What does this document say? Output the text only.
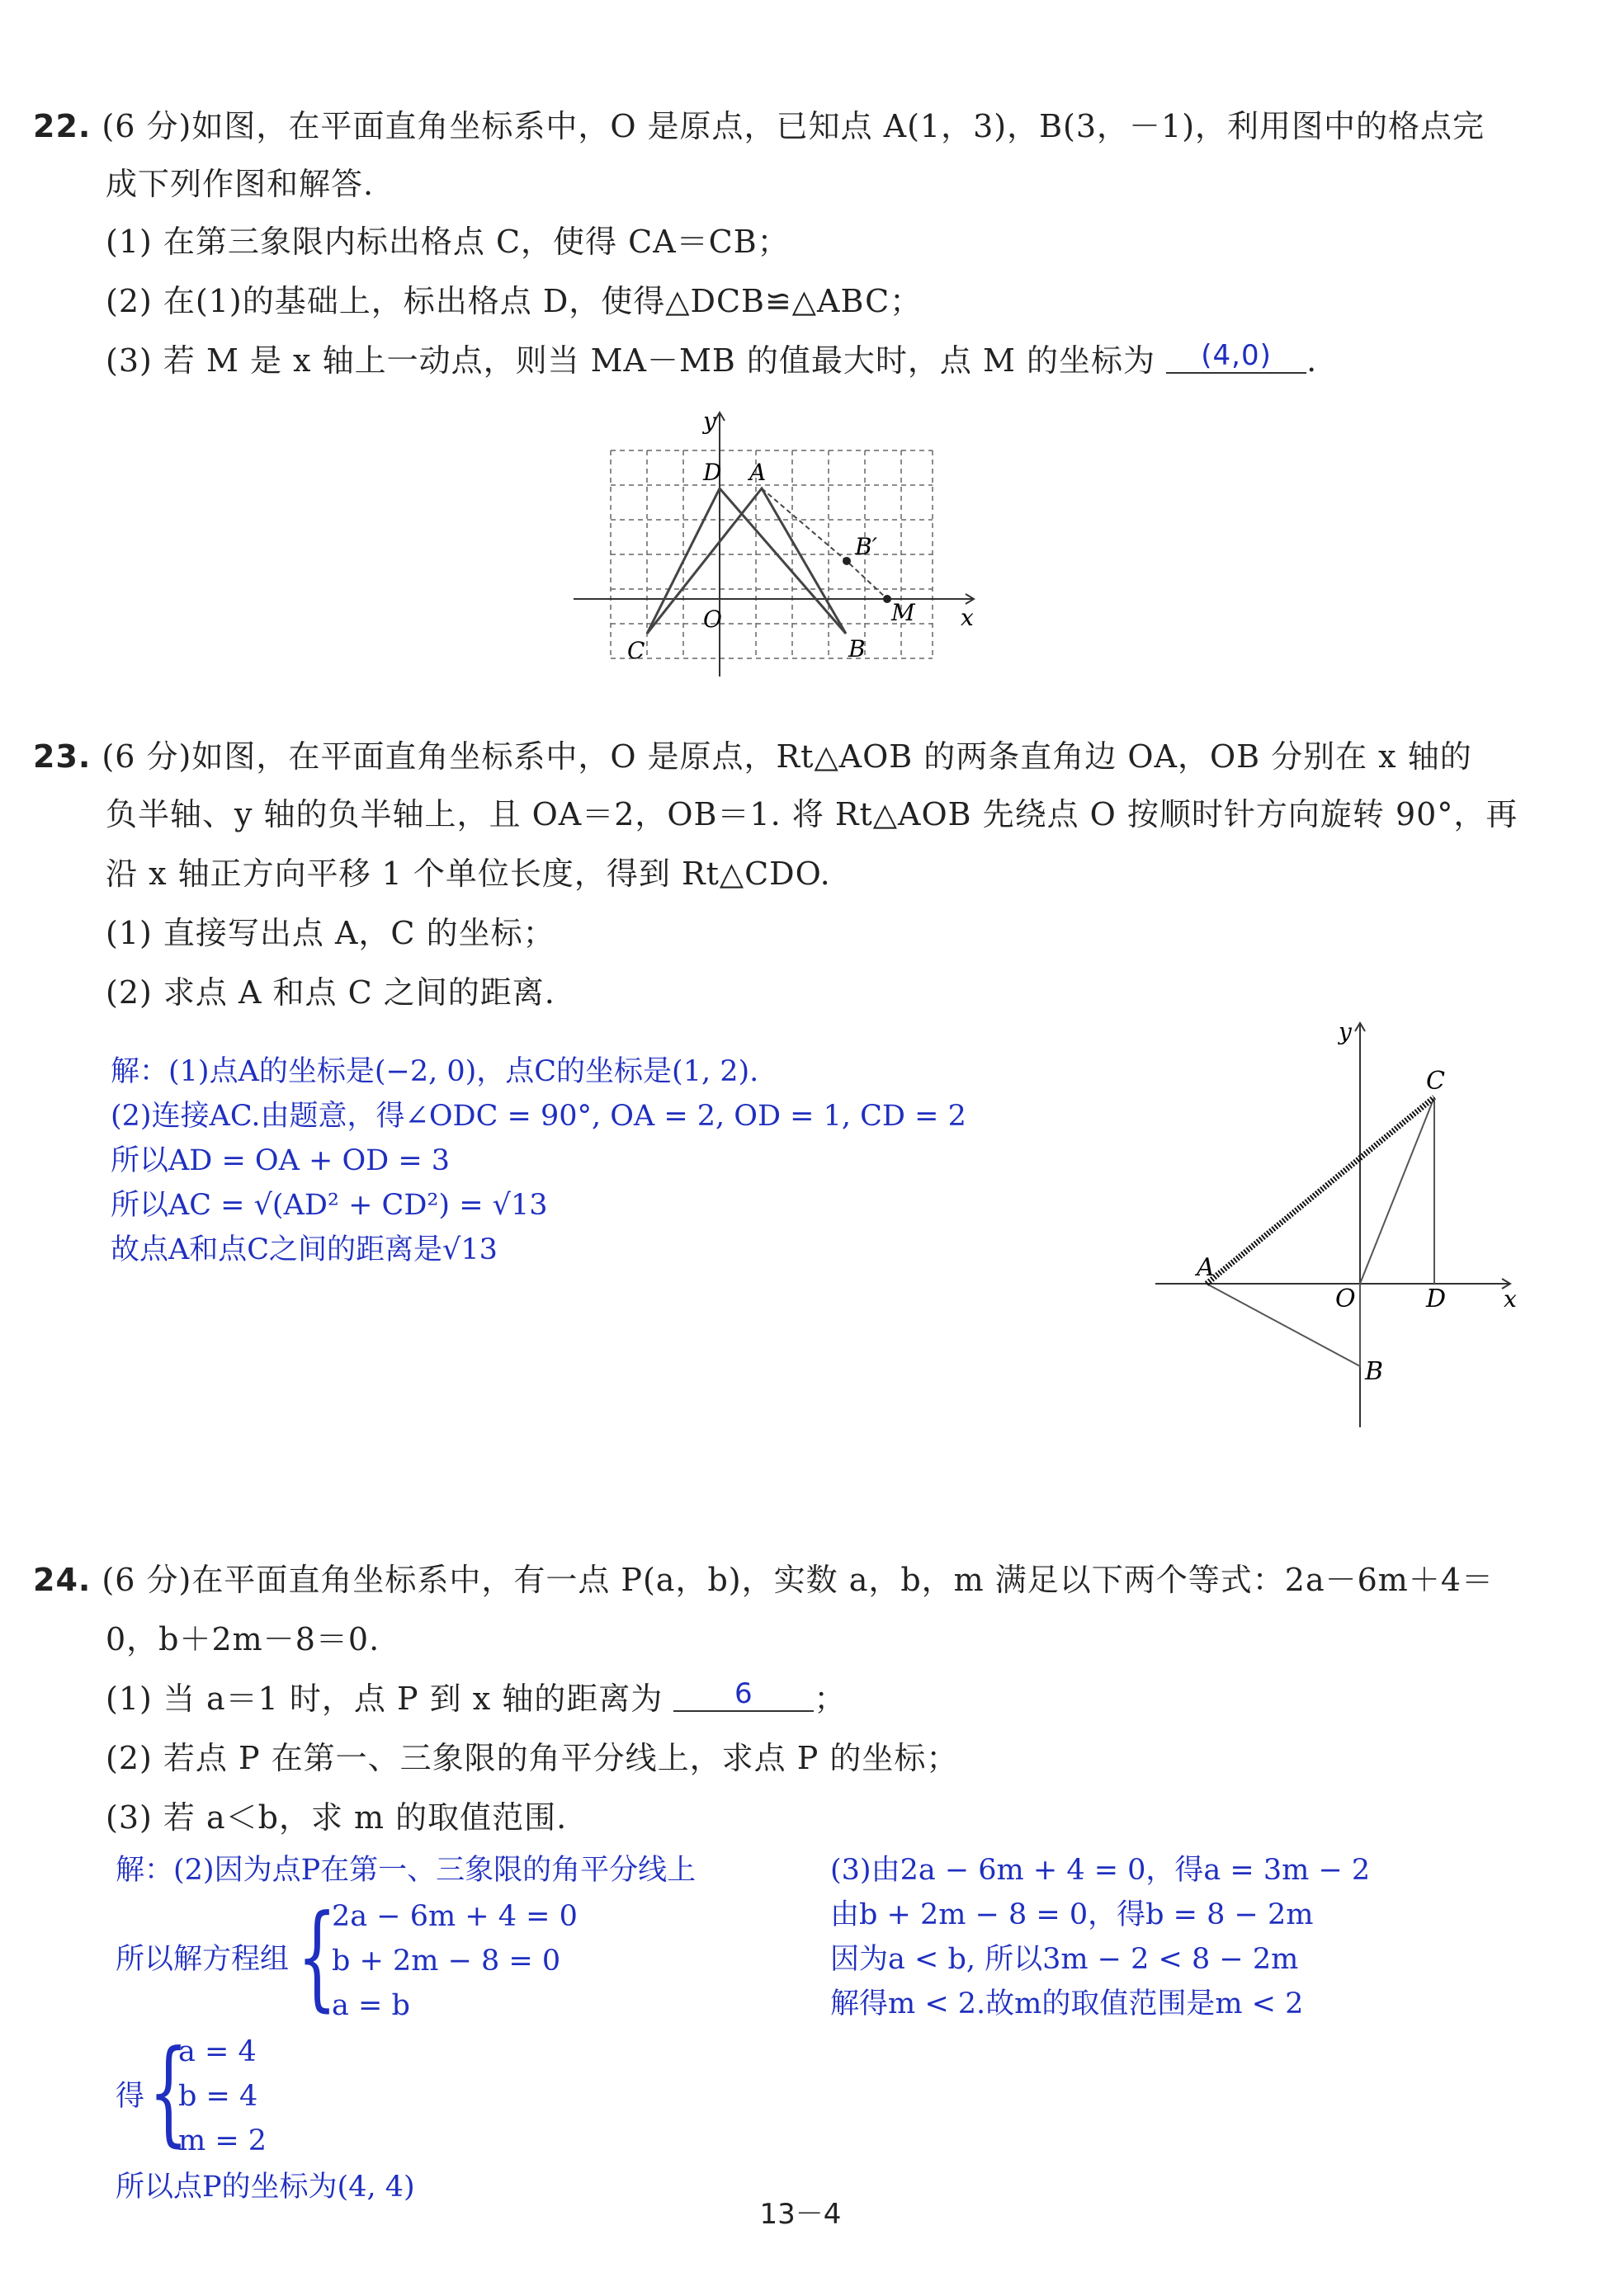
22. (6 分)如图，在平面直角坐标系中，O 是原点，已知点 A(1，3)，B(3，－1)，利用图中的格点完
成下列作图和解答.
(1) 在第三象限内标出格点 C，使得 CA＝CB；
(2) 在(1)的基础上，标出格点 D，使得△DCB≌△ABC；
(3) 若 M 是 x 轴上一动点，则当 MA－MB 的值最大时，点 M 的坐标为 (4,0) .
y
x
D A
B′
O	M
C	B
23. (6 分)如图，在平面直角坐标系中，O 是原点，Rt△AOB 的两条直角边 OA，OB 分别在 x 轴的
负半轴、y 轴的负半轴上，且 OA＝2，OB＝1. 将 Rt△AOB 先绕点 O 按顺时针方向旋转 90°，再
沿 x 轴正方向平移 1 个单位长度，得到 Rt△CDO.
(1) 直接写出点 A，C 的坐标；
(2) 求点 A 和点 C 之间的距离.
解：(1)点A的坐标是(−2, 0)，点C的坐标是(1, 2).
(2)连接AC.由题意，得∠ODC = 90°, OA = 2, OD = 1, CD = 2
所以AD = OA + OD = 3
所以AC = √(AD² + CD²) = √13
故点A和点C之间的距离是√13
y
x
C
A
O	D
B
24. (6 分)在平面直角坐标系中，有一点 P(a，b)，实数 a，b，m 满足以下两个等式：2a－6m＋4＝
0，b＋2m－8＝0.
(1) 当 a＝1 时，点 P 到 x 轴的距离为	6 ；
(2) 若点 P 在第一、三象限的角平分线上，求点 P 的坐标；
(3) 若 a＜b，求 m 的取值范围.
解：(2)因为点P在第一、三象限的角平分线上
所以解方程组 {
2a − 6m + 4 = 0
b + 2m − 8 = 0
a = b
得 {
a = 4
b = 4
m = 2
所以点P的坐标为(4, 4)
(3)由2a − 6m + 4 = 0，得a = 3m − 2
由b + 2m − 8 = 0，得b = 8 − 2m
因为a < b, 所以3m − 2 < 8 − 2m
解得m < 2.故m的取值范围是m < 2
13－4
